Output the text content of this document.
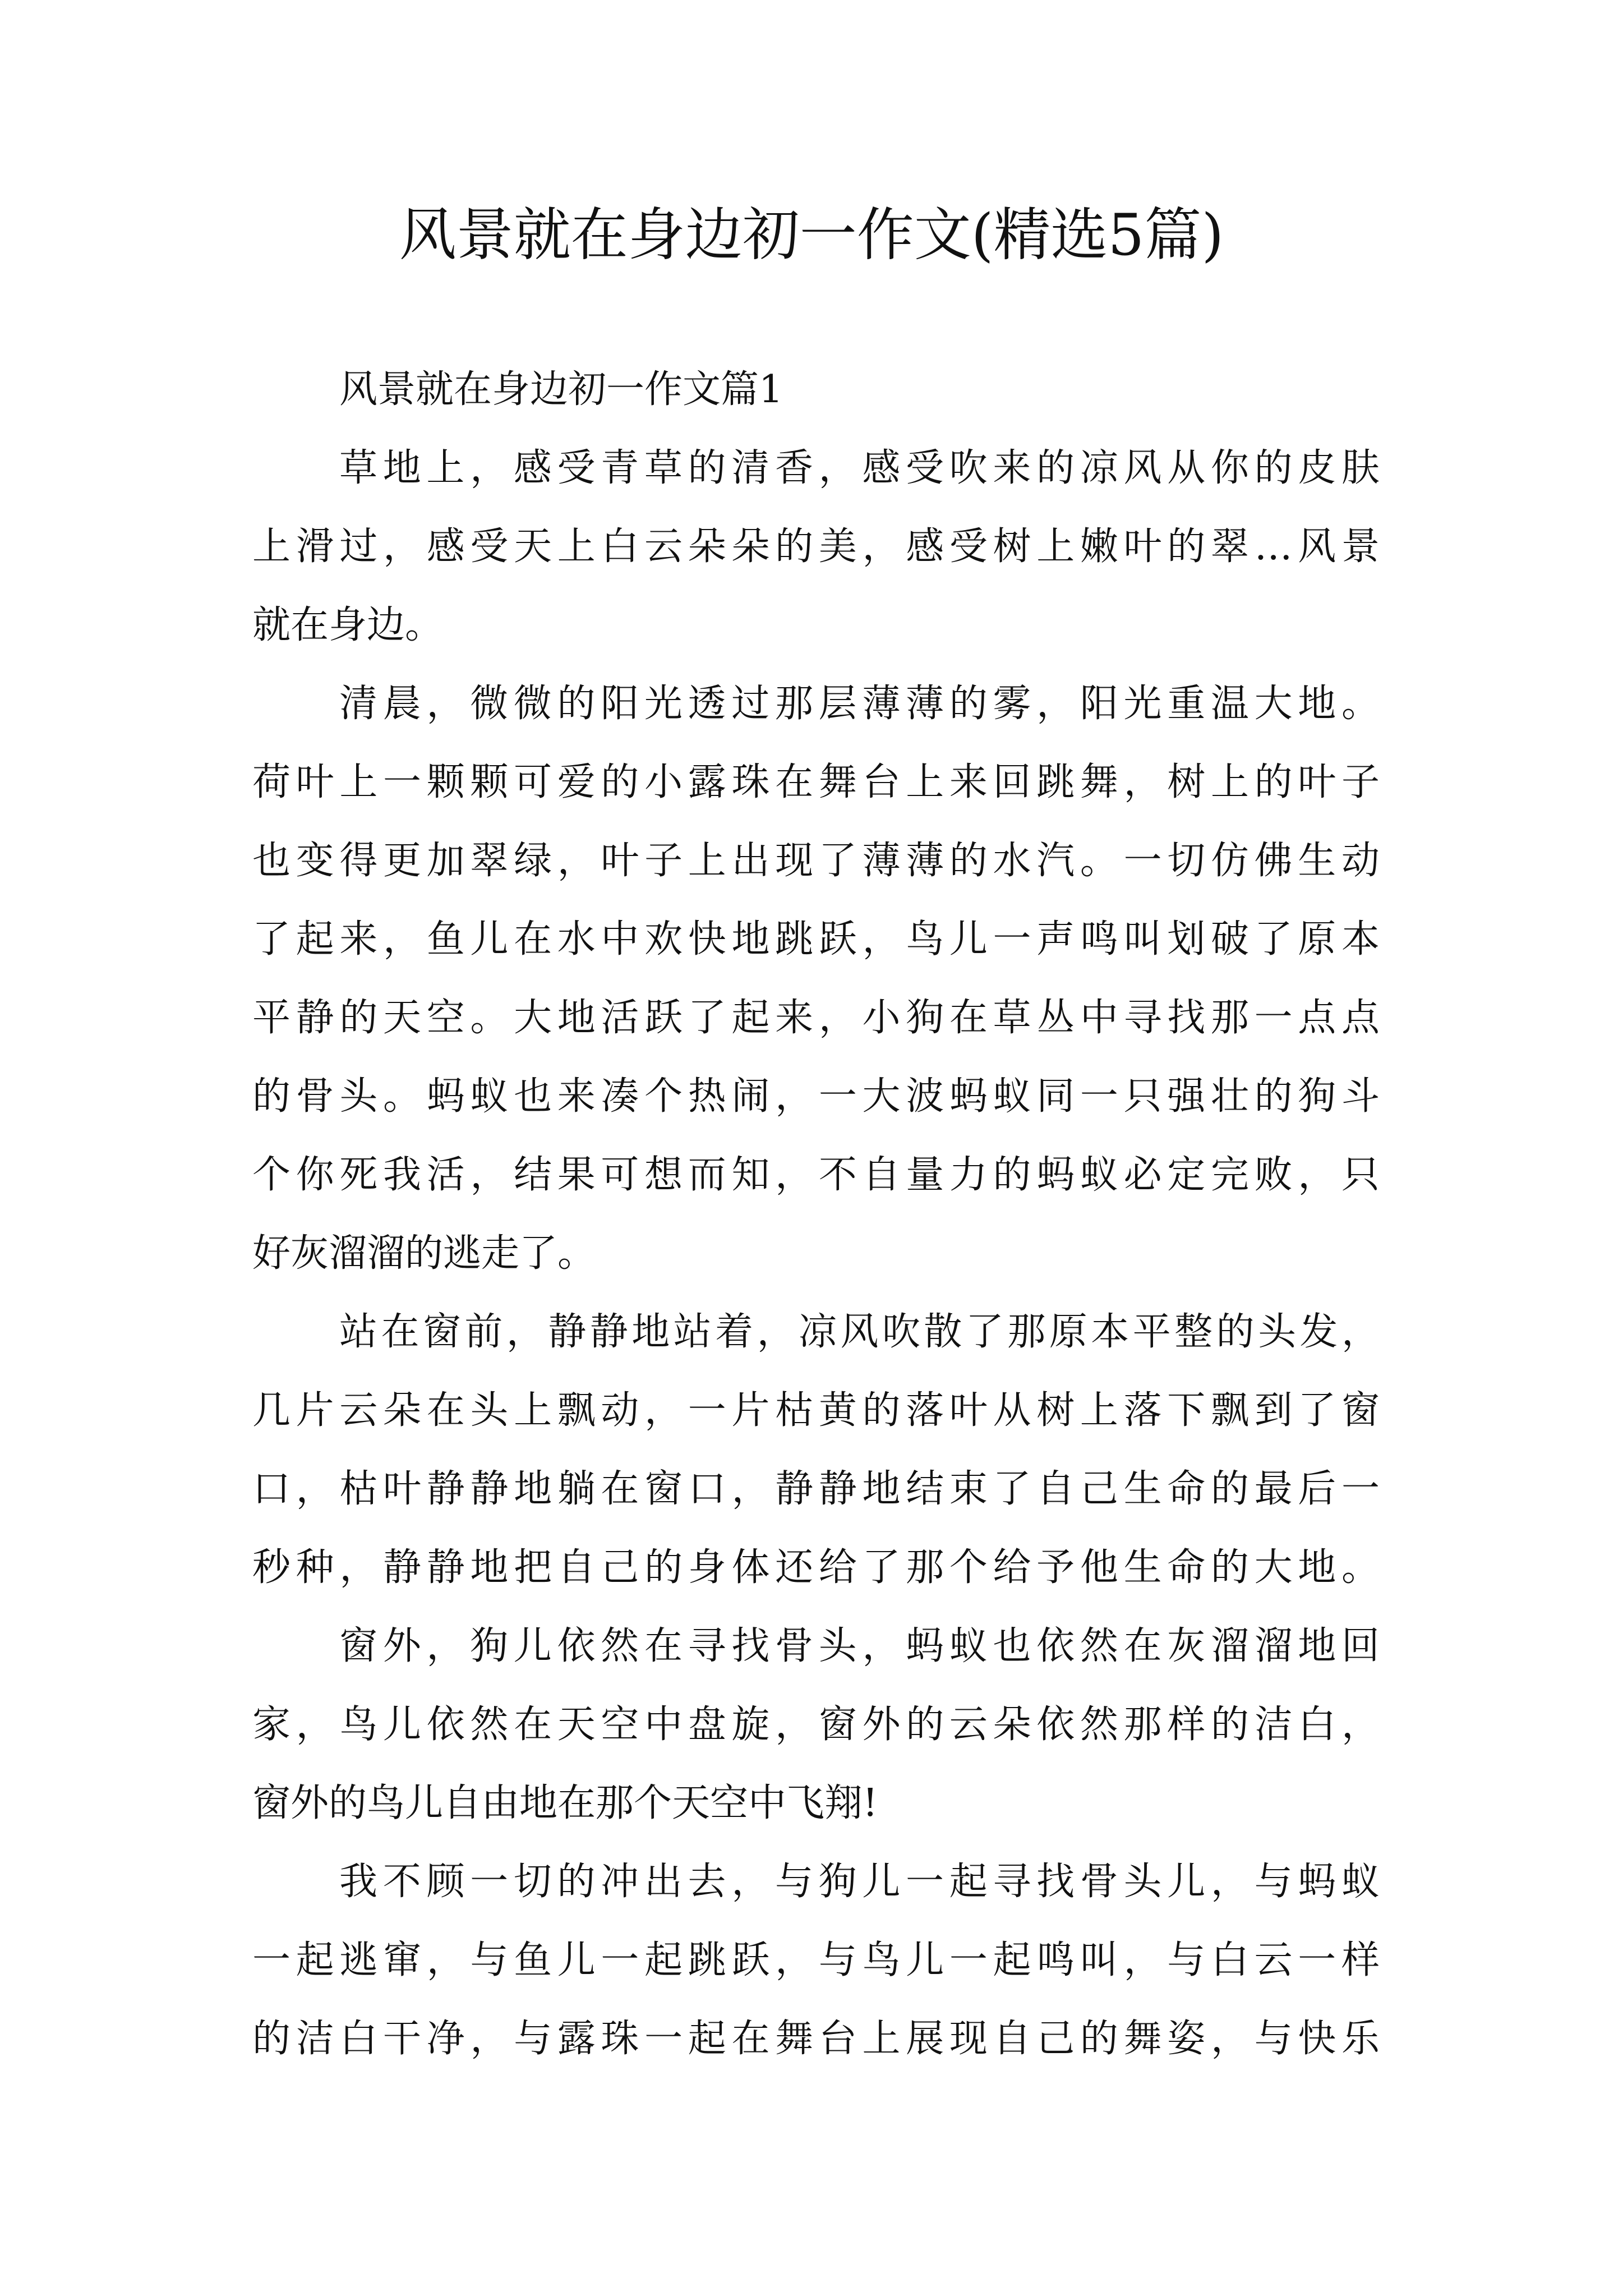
风景就在身边初一作文(精选5篇)
风景就在身边初一作文篇1

草地上，感受青草的清香，感受吹来的凉风从你的皮肤
上滑过，感受天上白云朵朵的美，感受树上嫩叶的翠…风景
就在身边。

清晨，微微的阳光透过那层薄薄的雾，阳光重温大地。
荷叶上一颗颗可爱的小露珠在舞台上来回跳舞，树上的叶子
也变得更加翠绿，叶子上出现了薄薄的水汽。一切仿佛生动
了起来，鱼儿在水中欢快地跳跃，鸟儿一声鸣叫划破了原本
平静的天空。大地活跃了起来，小狗在草丛中寻找那一点点
的骨头。蚂蚁也来凑个热闹，一大波蚂蚁同一只强壮的狗斗
个你死我活，结果可想而知，不自量力的蚂蚁必定完败，只
好灰溜溜的逃走了。

站在窗前，静静地站着，凉风吹散了那原本平整的头发，
几片云朵在头上飘动，一片枯黄的落叶从树上落下飘到了窗
口，枯叶静静地躺在窗口，静静地结束了自己生命的最后一
秒种，静静地把自己的身体还给了那个给予他生命的大地。

窗外，狗儿依然在寻找骨头，蚂蚁也依然在灰溜溜地回
家，鸟儿依然在天空中盘旋，窗外的云朵依然那样的洁白，
窗外的鸟儿自由地在那个天空中飞翔!

我不顾一切的冲出去，与狗儿一起寻找骨头儿，与蚂蚁
一起逃窜，与鱼儿一起跳跃，与鸟儿一起鸣叫，与白云一样
的洁白干净，与露珠一起在舞台上展现自己的舞姿，与快乐
